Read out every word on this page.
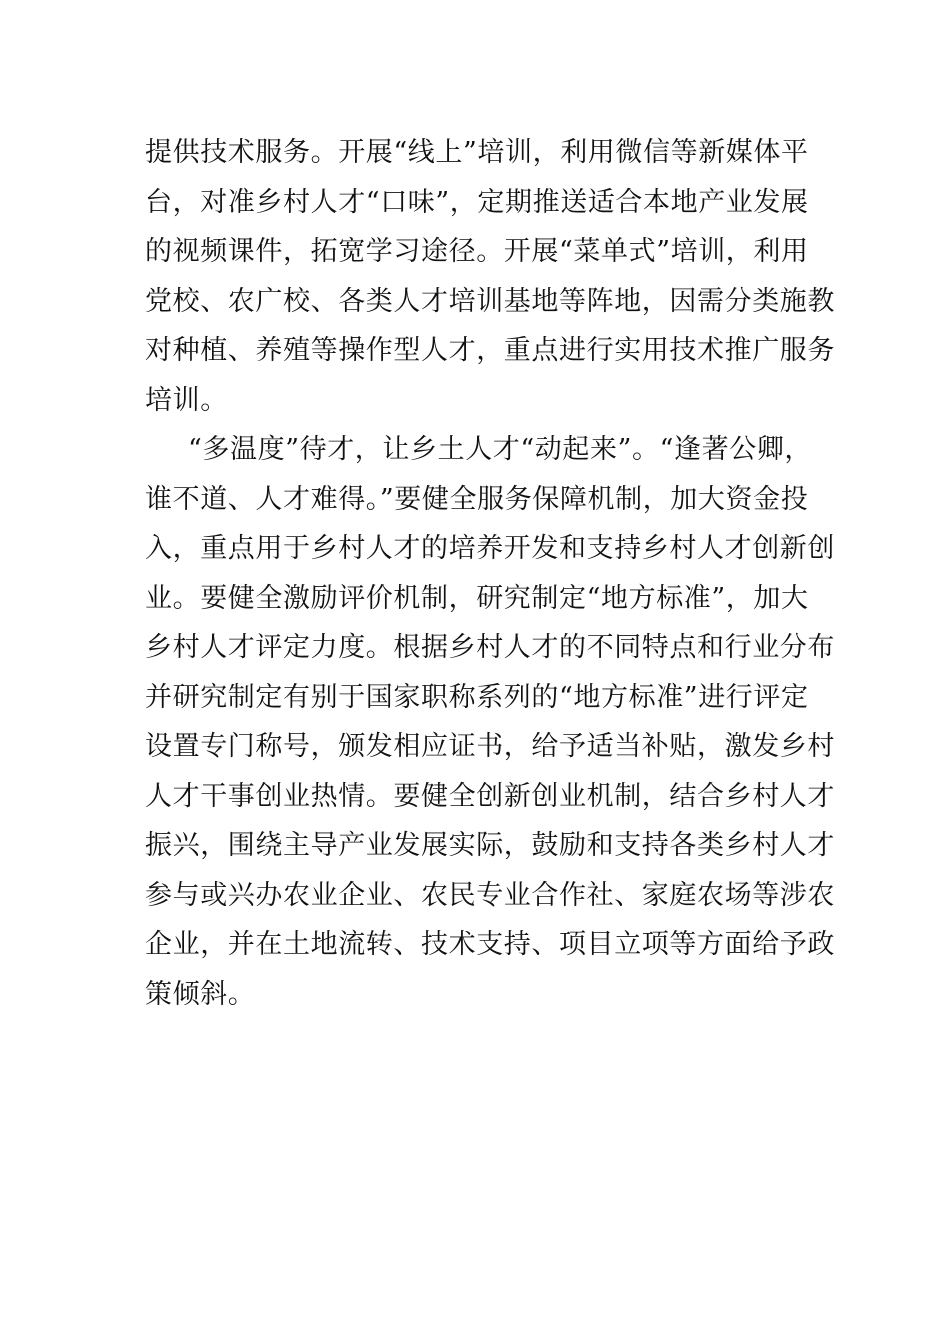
提供技术服务。开展“线上”培训，利用微信等新媒体平
台，对准乡村人才“口味”，定期推送适合本地产业发展
的视频课件，拓宽学习途径。开展“菜单式”培训，利用
党校、农广校、各类人才培训基地等阵地，因需分类施教
对种植、养殖等操作型人才，重点进行实用技术推广服务
培训。
“多温度”待才，让乡土人才“动起来”。“逢著公卿，
谁不道、人才难得。”要健全服务保障机制，加大资金投
入，重点用于乡村人才的培养开发和支持乡村人才创新创
业。要健全激励评价机制，研究制定“地方标准”，加大
乡村人才评定力度。根据乡村人才的不同特点和行业分布
并研究制定有别于国家职称系列的“地方标准”进行评定
设置专门称号，颁发相应证书，给予适当补贴，激发乡村
人才干事创业热情。要健全创新创业机制，结合乡村人才
振兴，围绕主导产业发展实际，鼓励和支持各类乡村人才
参与或兴办农业企业、农民专业合作社、家庭农场等涉农
企业，并在土地流转、技术支持、项目立项等方面给予政
策倾斜。
